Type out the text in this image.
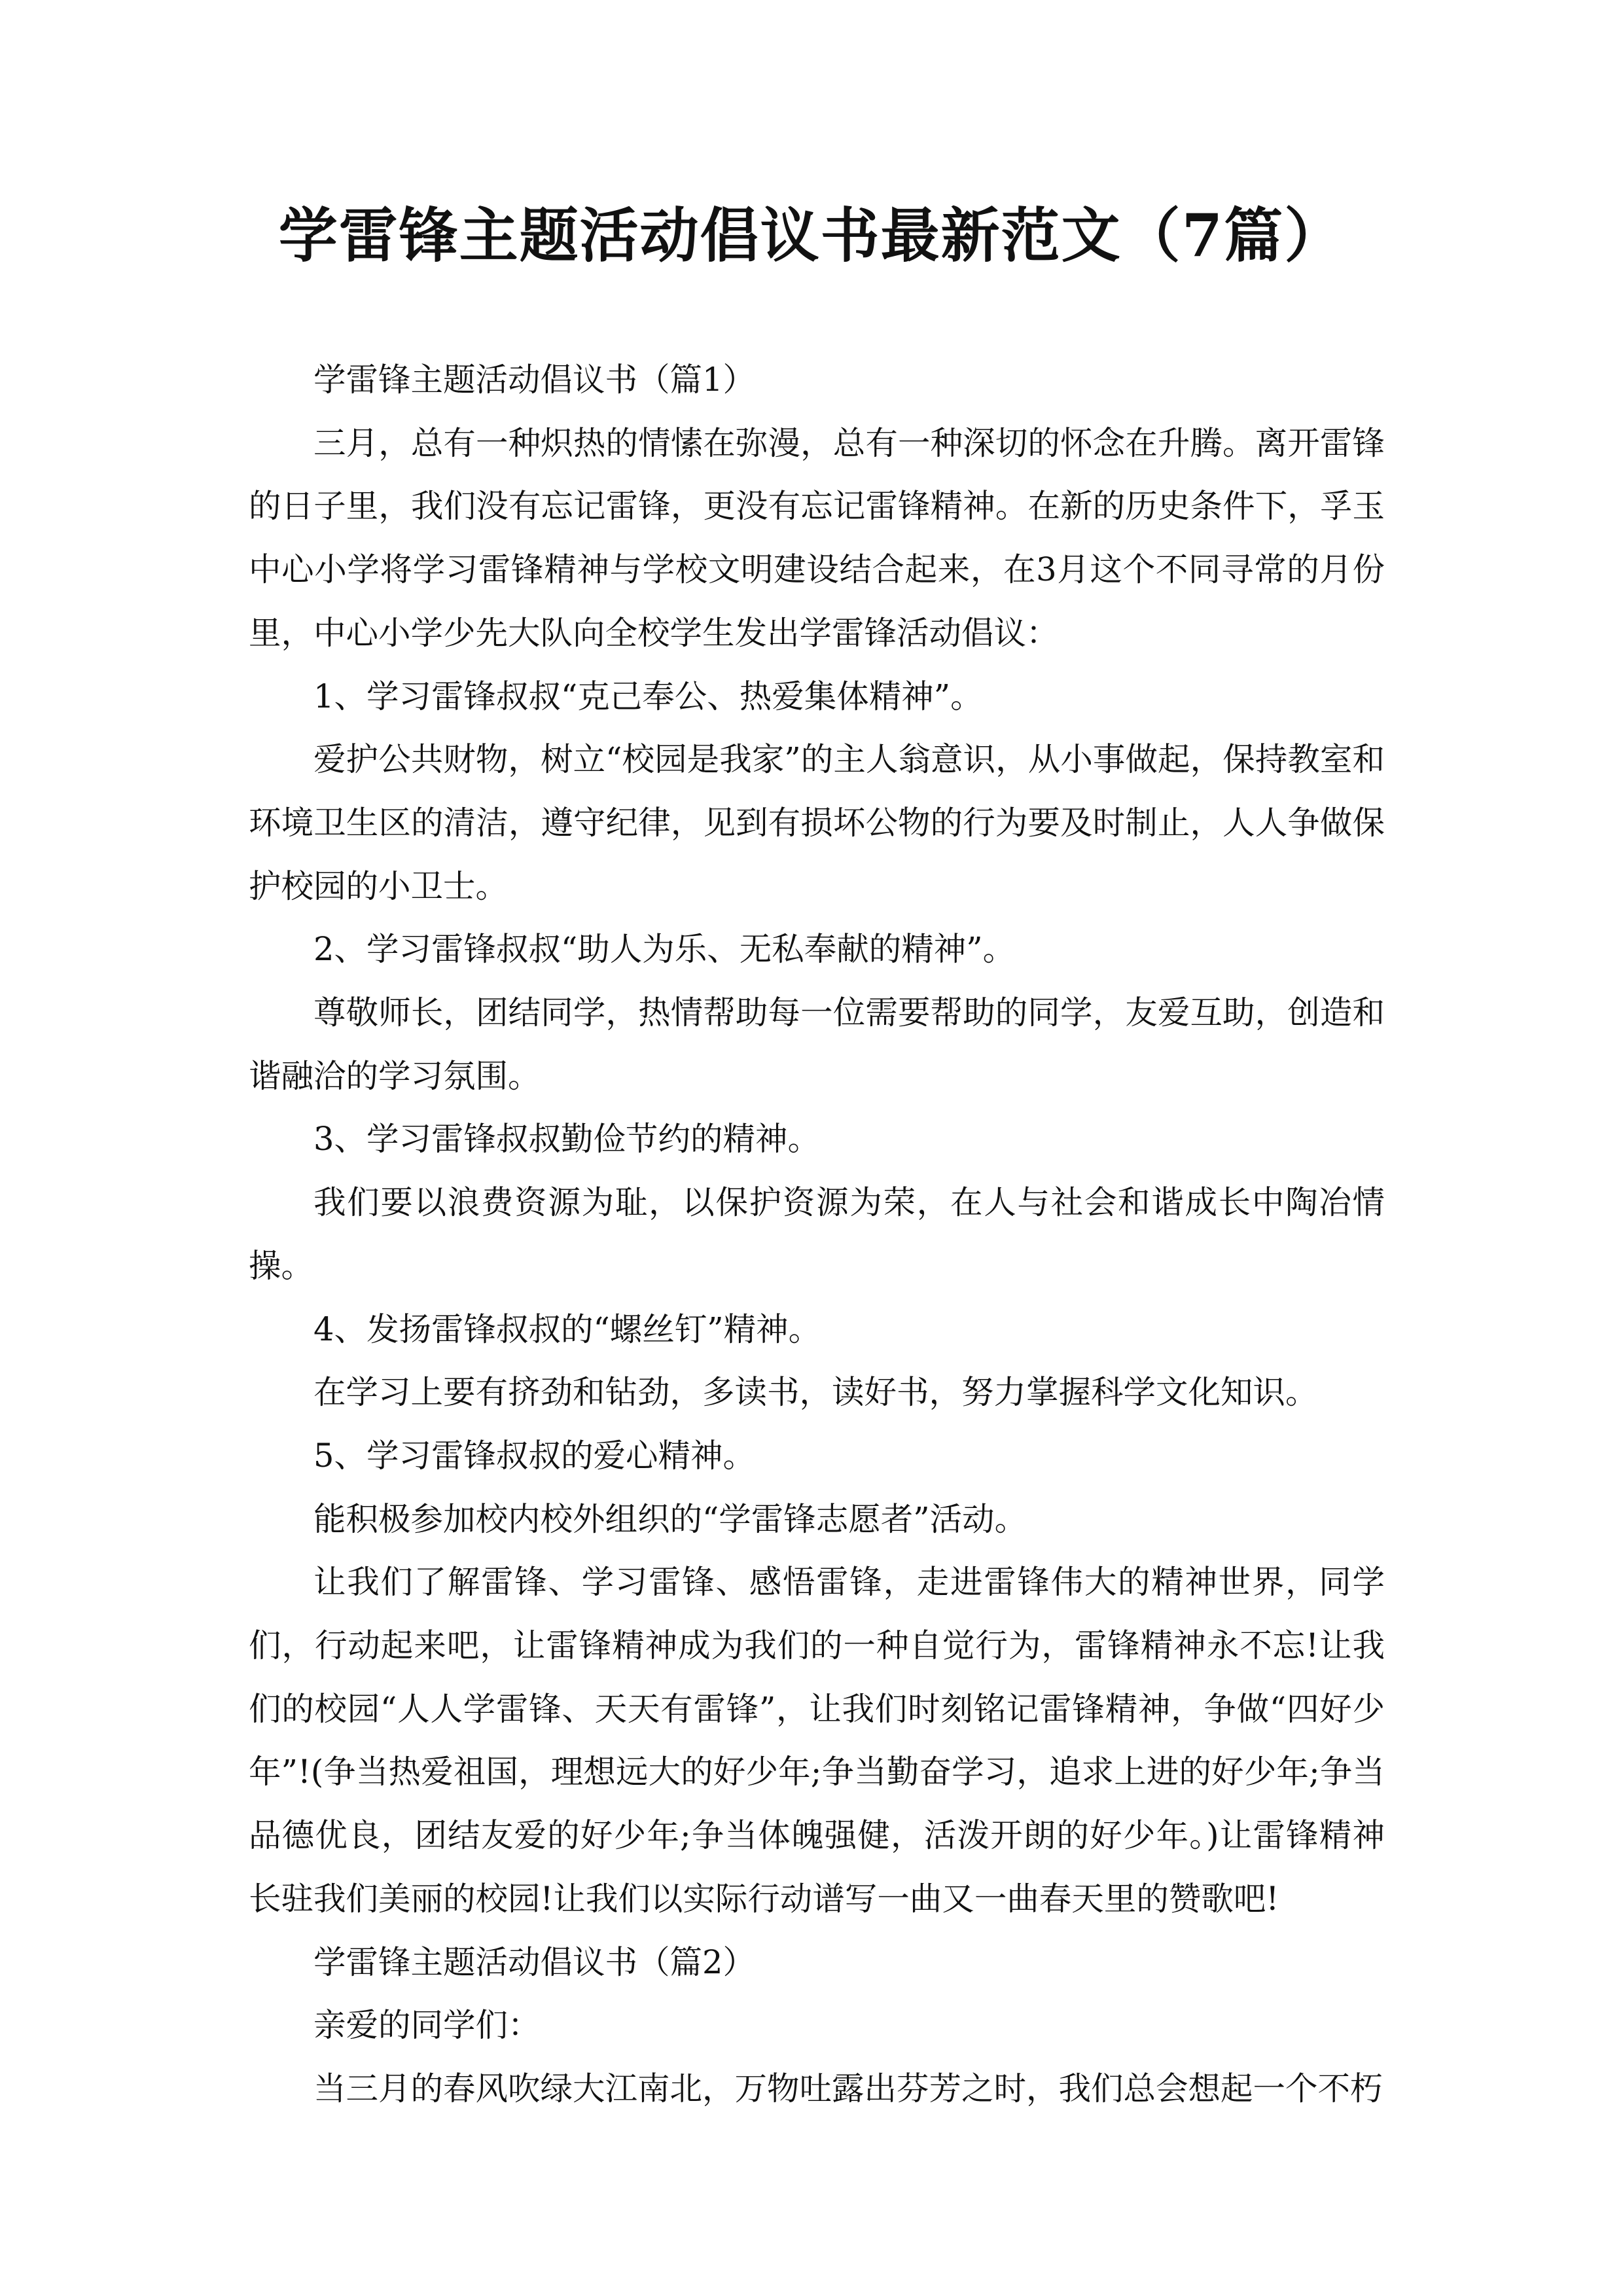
学雷锋主题活动倡议书最新范文（7篇）

学雷锋主题活动倡议书（篇1）

三月，总有一种炽热的情愫在弥漫，总有一种深切的怀念在升腾。离开雷锋的日子里，我们没有忘记雷锋，更没有忘记雷锋精神。在新的历史条件下，孚玉中心小学将学习雷锋精神与学校文明建设结合起来，在3月这个不同寻常的月份里，中心小学少先大队向全校学生发出学雷锋活动倡议：

1、学习雷锋叔叔“克己奉公、热爱集体精神”。

爱护公共财物，树立“校园是我家”的主人翁意识，从小事做起，保持教室和环境卫生区的清洁，遵守纪律，见到有损坏公物的行为要及时制止，人人争做保护校园的小卫士。

2、学习雷锋叔叔“助人为乐、无私奉献的精神”。

尊敬师长，团结同学，热情帮助每一位需要帮助的同学，友爱互助，创造和谐融洽的学习氛围。

3、学习雷锋叔叔勤俭节约的精神。

我们要以浪费资源为耻，以保护资源为荣，在人与社会和谐成长中陶冶情操。

4、发扬雷锋叔叔的“螺丝钉”精神。

在学习上要有挤劲和钻劲，多读书，读好书，努力掌握科学文化知识。

5、学习雷锋叔叔的爱心精神。

能积极参加校内校外组织的“学雷锋志愿者”活动。

让我们了解雷锋、学习雷锋、感悟雷锋，走进雷锋伟大的精神世界，同学们，行动起来吧，让雷锋精神成为我们的一种自觉行为，雷锋精神永不忘!让我们的校园“人人学雷锋、天天有雷锋”，让我们时刻铭记雷锋精神，争做“四好少年”!(争当热爱祖国，理想远大的好少年;争当勤奋学习，追求上进的好少年;争当品德优良，团结友爱的好少年;争当体魄强健，活泼开朗的好少年。)让雷锋精神长驻我们美丽的校园!让我们以实际行动谱写一曲又一曲春天里的赞歌吧!

学雷锋主题活动倡议书（篇2）

亲爱的同学们：

当三月的春风吹绿大江南北，万物吐露出芬芳之时，我们总会想起一个不朽
